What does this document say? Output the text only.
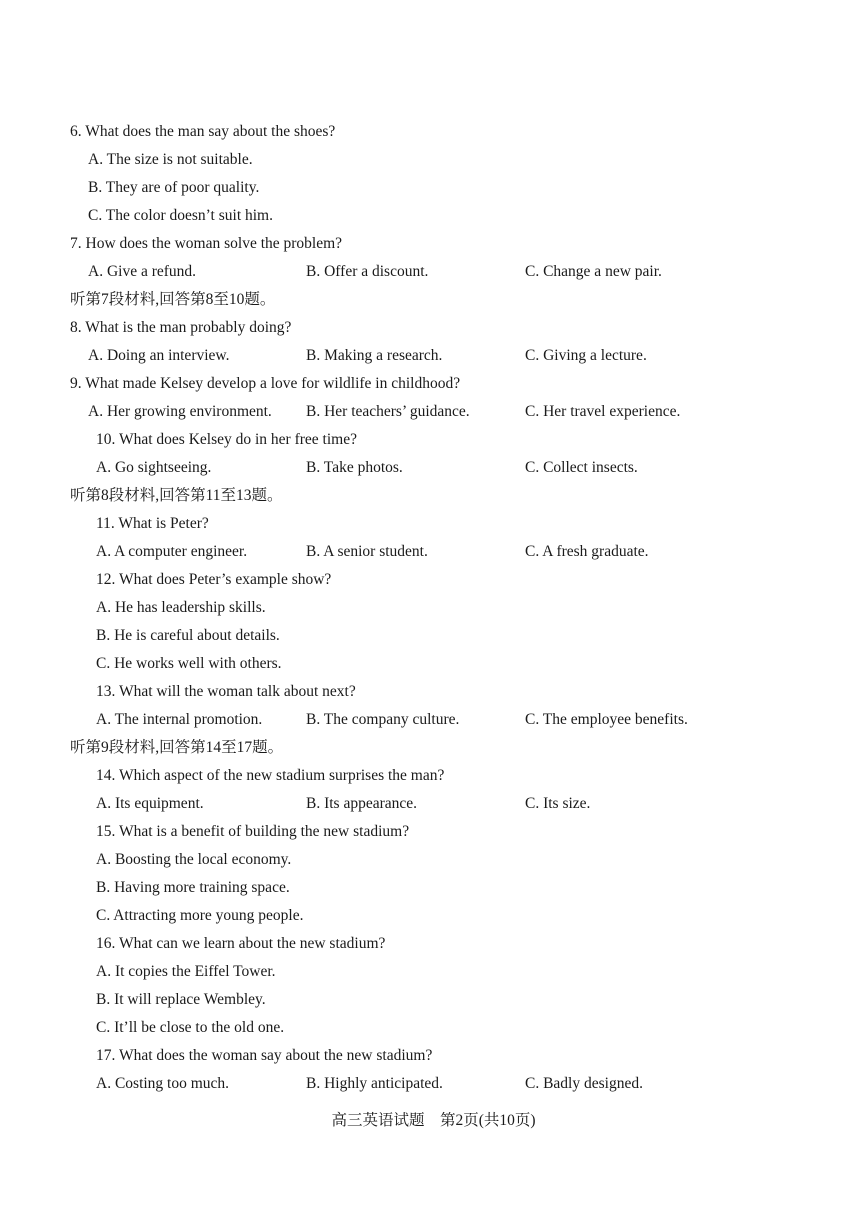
6. What does the man say about the shoes?
A. The size is not suitable.
B. They are of poor quality.
C. The color doesn’t suit him.
7. How does the woman solve the problem?
A. Give a refund.	B. Offer a discount.	C. Change a new pair.
听第7段材料,回答第8至10题。
8. What is the man probably doing?
A. Doing an interview.	B. Making a research.	C. Giving a lecture.
9. What made Kelsey develop a love for wildlife in childhood?
A. Her growing environment. B. Her teachers’ guidance.	C. Her travel experience.
10. What does Kelsey do in her free time?
A. Go sightseeing.	B. Take photos.	C. Collect insects.
听第8段材料,回答第11至13题。
11. What is Peter?
A. A computer engineer.	B. A senior student.	C. A fresh graduate.
12. What does Peter’s example show?
A. He has leadership skills.
B. He is careful about details.
C. He works well with others.
13. What will the woman talk about next?
A. The internal promotion.	B. The company culture.	C. The employee benefits.
听第9段材料,回答第14至17题。
14. Which aspect of the new stadium surprises the man?
A. Its equipment.	B. Its appearance.	C. Its size.
15. What is a benefit of building the new stadium?
A. Boosting the local economy.
B. Having more training space.
C. Attracting more young people.
16. What can we learn about the new stadium?
A. It copies the Eiffel Tower.
B. It will replace Wembley.
C. It’ll be close to the old one.
17. What does the woman say about the new stadium?
A. Costing too much.	B. Highly anticipated.	C. Badly designed.
高三英语试题　第2页(共10页)
